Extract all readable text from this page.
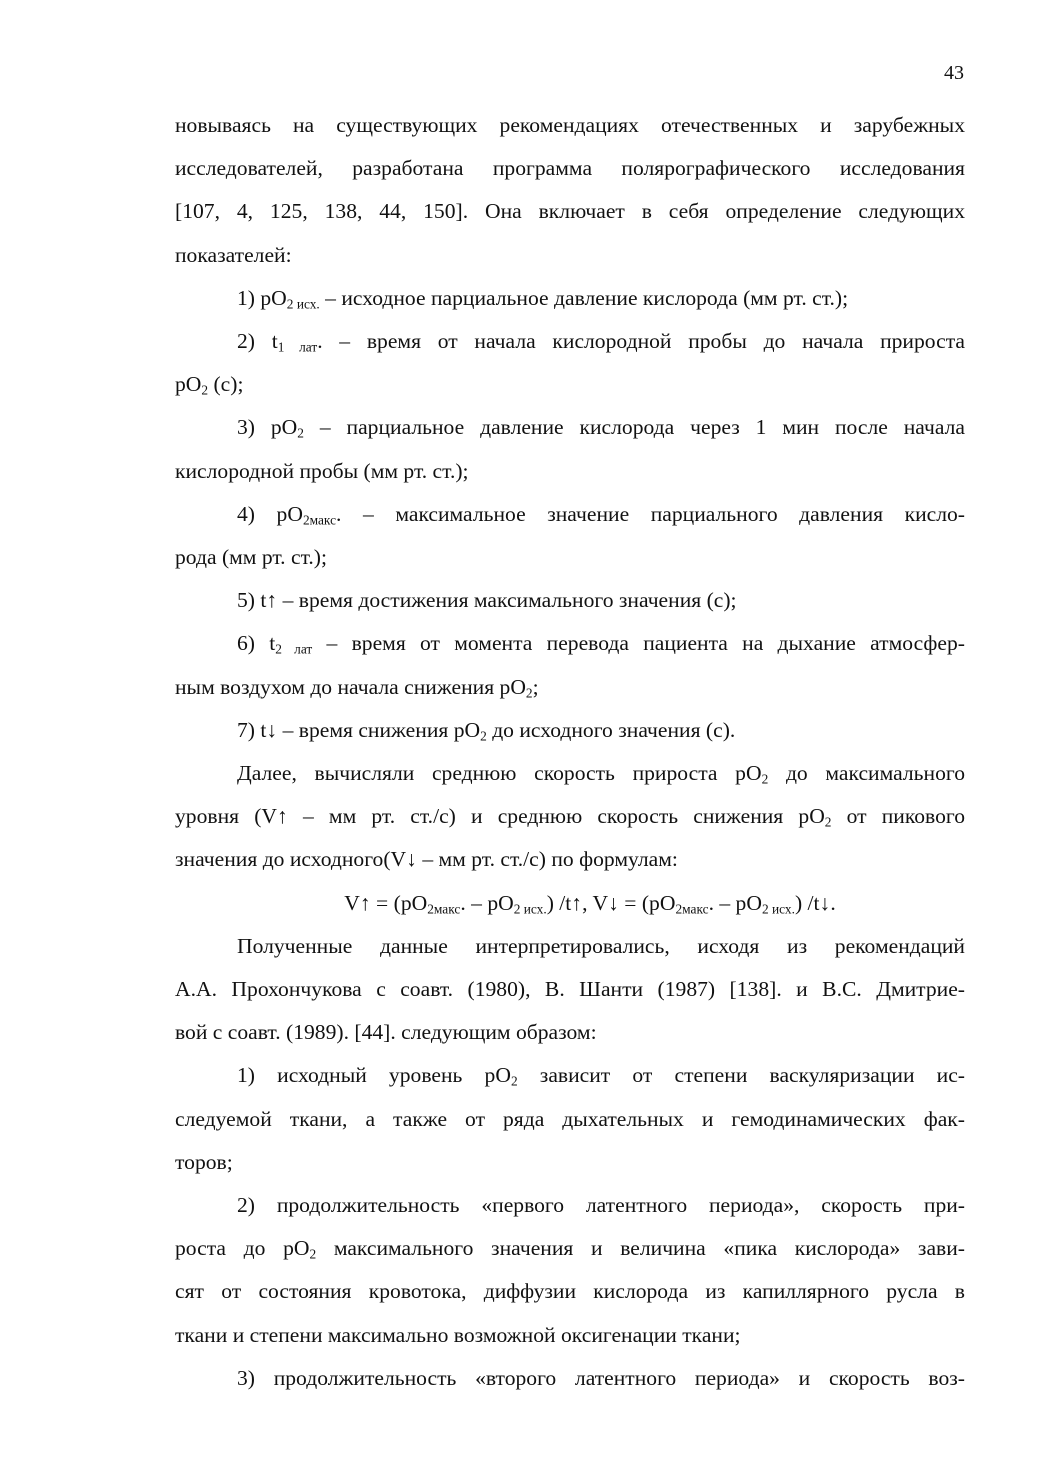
43
новываясь на существующих рекомендациях отечественных и зарубежных
исследователей, разработана программа полярографического исследования
[107, 4, 125, 138, 44, 150]. Она включает в себя определение следующих
показателей:
1) $pO_{2 исх.}$ – исходное парциальное давление кислорода (мм рт. ст.);
2) $t_{1 лат}$. – время от начала кислородной пробы до начала прироста
$pO_2$ (с);
3) $pO_2$ – парциальное давление кислорода через 1 мин после начала
кислородной пробы (мм рт. ст.);
4) $pO_{2макс}$. – максимальное значение парциального давления кисло-
рода (мм рт. ст.);
5) t↑ – время достижения максимального значения (с);
6) $t_{2 лат}$ – время от момента перевода пациента на дыхание атмосфер-
ным воздухом до начала снижения $pO_2$;
7) t↓ – время снижения $pO_2$ до исходного значения (с).
Далее, вычисляли среднюю скорость прироста $pO_2$ до максимального
уровня (V↑ – мм рт. ст./с) и среднюю скорость снижения $pO_2$ от пикового
значения до исходного(V↓ – мм рт. ст./с) по формулам:
V↑ = ($pO_{2макс}$. – $pO_{2 исх.}$) /t↑, V↓ = ($pO_{2макс}$. – $pO_{2 исх.}$) /t↓.
Полученные данные интерпретировались, исходя из рекомендаций
А.А. Прохончукова с соавт. (1980), В. Шанти (1987) [138]. и В.С. Дмитрие-
вой с соавт. (1989). [44]. следующим образом:
1) исходный уровень $pO_2$ зависит от степени васкуляризации ис-
следуемой ткани, а также от ряда дыхательных и гемодинамических фак-
торов;
2) продолжительность «первого латентного периода», скорость при-
роста до $pO_2$ максимального значения и величина «пика кислорода» зави-
сят от состояния кровотока, диффузии кислорода из капиллярного русла в
ткани и степени максимально возможной оксигенации ткани;
3) продолжительность «второго латентного периода» и скорость воз-
